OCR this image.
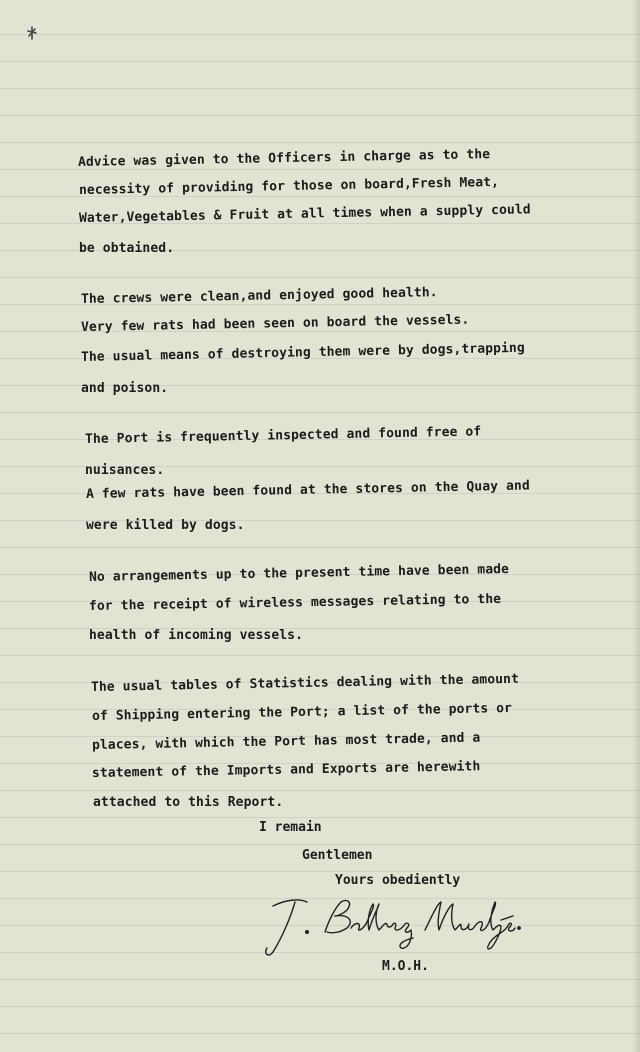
Advice was given to the Officers in charge as to the
necessity of providing for those on board,Fresh Meat,
Water,Vegetables & Fruit at all times when a supply could
be obtained.
The crews were clean,and enjoyed good health.
Very few rats had been seen on board the vessels.
The usual means of destroying them were by dogs,trapping
and poison.
The Port is frequently inspected and found free of
nuisances.
A few rats have been found at the stores on the Quay and
were killed by dogs.
No arrangements up to the present time have been made
for the receipt of wireless messages relating to the
health of incoming vessels.
The usual tables of Statistics dealing with the amount
of Shipping entering the Port; a list of the ports or
places, with which the Port has most trade, and a
statement of the Imports and Exports are herewith
attached to this Report.
I remain
Gentlemen
Yours obediently
M.O.H.
